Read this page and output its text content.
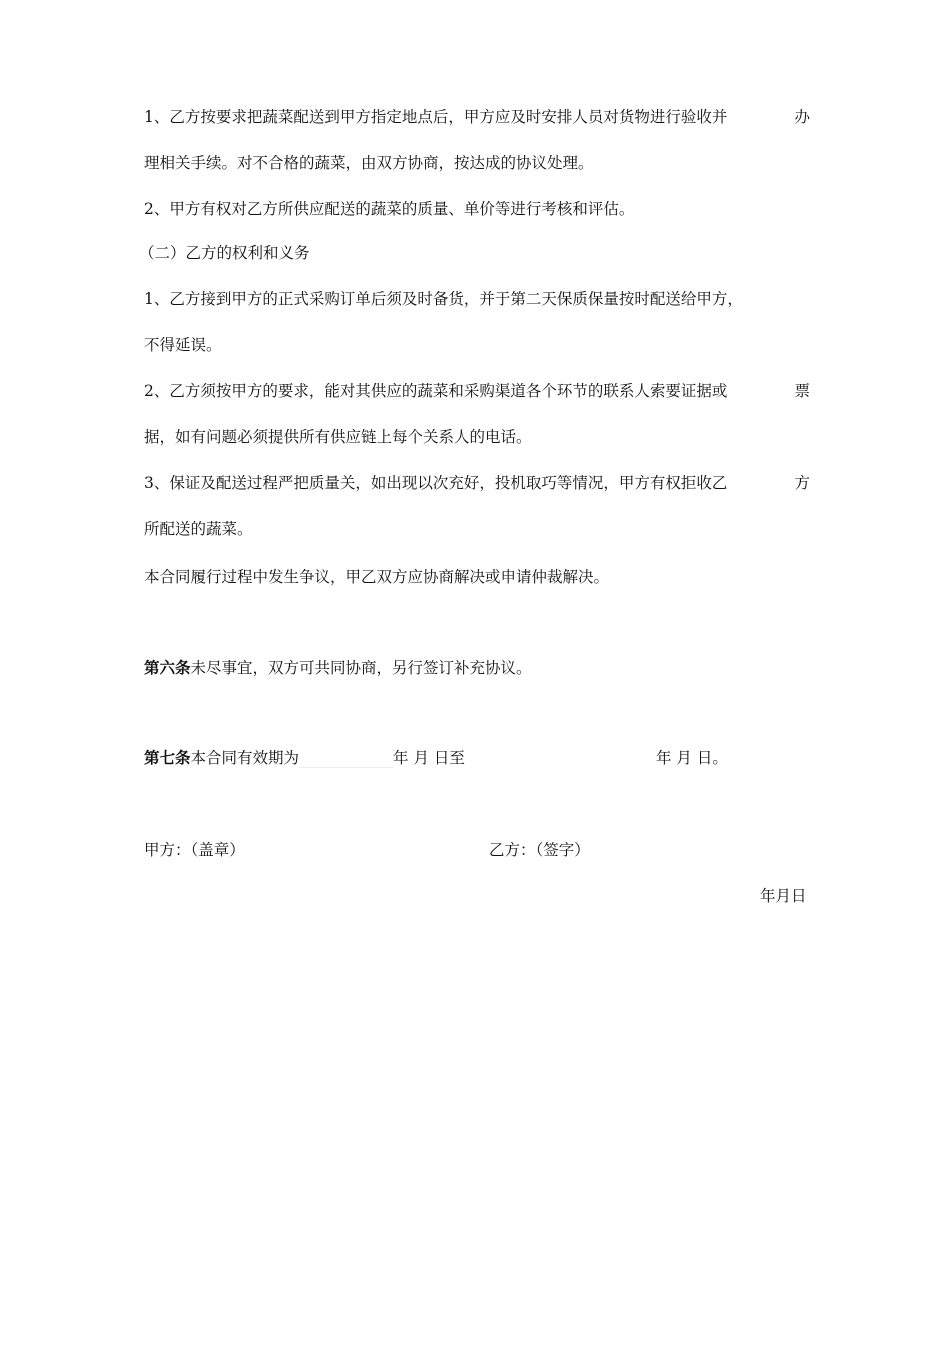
1、乙方按要求把蔬菜配送到甲方指定地点后，甲方应及时安排人员对货物进行验收并	办
理相关手续。对不合格的蔬菜，由双方协商，按达成的协议处理。
2、甲方有权对乙方所供应配送的蔬菜的质量、单价等进行考核和评估。
（二）乙方的权利和义务
1、乙方接到甲方的正式采购订单后须及时备货，并于第二天保质保量按时配送给甲方，
不得延误。
2、乙方须按甲方的要求，能对其供应的蔬菜和采购渠道各个环节的联系人索要证据或	票
据，如有问题必须提供所有供应链上每个关系人的电话。
3、保证及配送过程严把质量关，如出现以次充好，投机取巧等情况，甲方有权拒收乙	方
所配送的蔬菜。
本合同履行过程中发生争议，甲乙双方应协商解决或申请仲裁解决。
第六条未尽事宜，双方可共同协商，另行签订补充协议。
第七条本合同有效期为	年 月 日至	年 月 日。
甲方：（盖章）	乙方：（签字）
年月日
